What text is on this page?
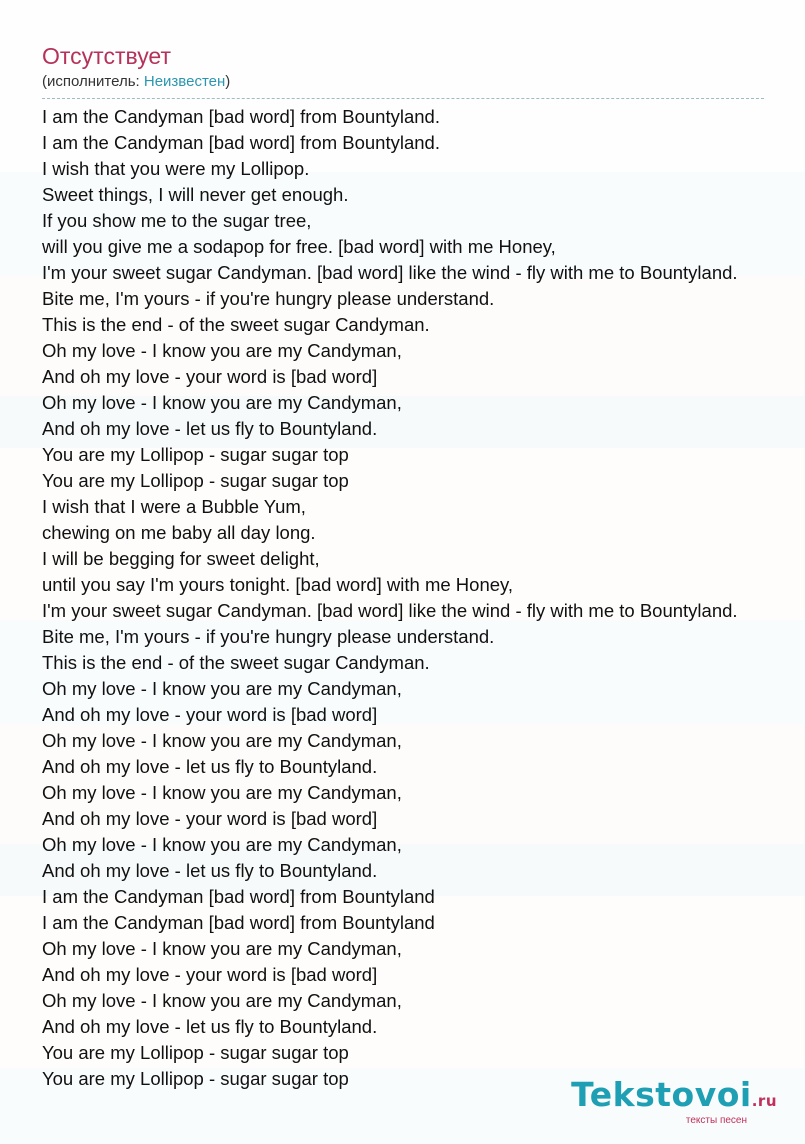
Отсутствует
(исполнитель: Неизвестен)
I am the Candyman [bad word] from Bountyland.
I am the Candyman [bad word] from Bountyland.
I wish that you were my Lollipop.
Sweet things, I will never get enough.
If you show me to the sugar tree,
will you give me a sodapop for free. [bad word] with me Honey,
I'm your sweet sugar Candyman. [bad word] like the wind - fly with me to Bountyland.
Bite me, I'm yours - if you're hungry please understand.
This is the end - of the sweet sugar Candyman.
Oh my love - I know you are my Candyman,
And oh my love - your word is [bad word]
Oh my love - I know you are my Candyman,
And oh my love - let us fly to Bountyland.
You are my Lollipop - sugar sugar top
You are my Lollipop - sugar sugar top
I wish that I were a Bubble Yum,
chewing on me baby all day long.
I will be begging for sweet delight,
until you say I'm yours tonight. [bad word] with me Honey,
I'm your sweet sugar Candyman. [bad word] like the wind - fly with me to Bountyland.
Bite me, I'm yours - if you're hungry please understand.
This is the end - of the sweet sugar Candyman.
Oh my love - I know you are my Candyman,
And oh my love - your word is [bad word]
Oh my love - I know you are my Candyman,
And oh my love - let us fly to Bountyland.
Oh my love - I know you are my Candyman,
And oh my love - your word is [bad word]
Oh my love - I know you are my Candyman,
And oh my love - let us fly to Bountyland.
I am the Candyman [bad word] from Bountyland
I am the Candyman [bad word] from Bountyland
Oh my love - I know you are my Candyman,
And oh my love - your word is [bad word]
Oh my love - I know you are my Candyman,
And oh my love - let us fly to Bountyland.
You are my Lollipop - sugar sugar top
You are my Lollipop - sugar sugar top	Tekstovoi.ru
тексты песен
